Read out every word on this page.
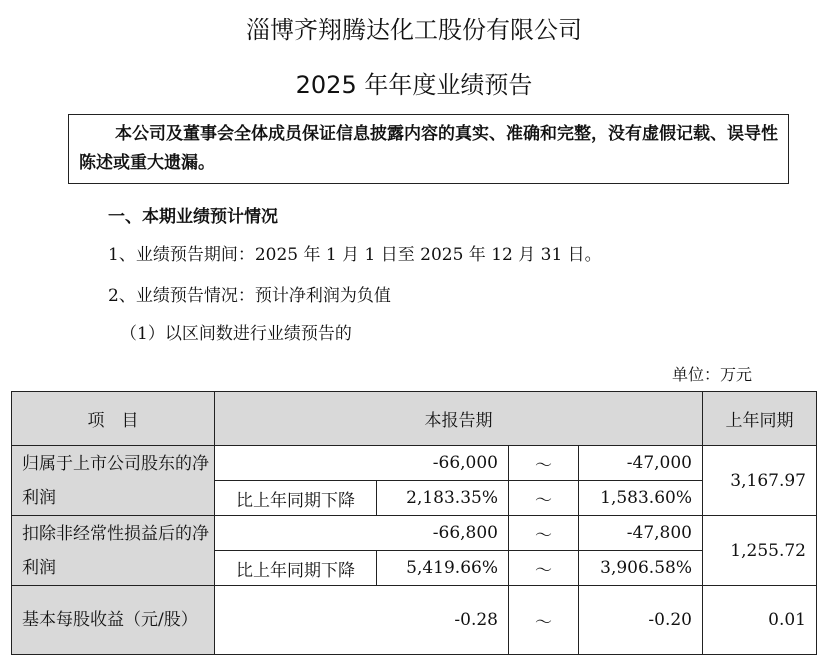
淄博齐翔腾达化工股份有限公司
2025 年年度业绩预告
本公司及董事会全体成员保证信息披露内容的真实、准确和完整，没有虚假记载、误导性陈述或重大遗漏。
一、本期业绩预计情况
1、业绩预告期间：2025 年 1 月 1 日至 2025 年 12 月 31 日。
2、业绩预告情况：预计净利润为负值
（1）以区间数进行业绩预告的
单位：万元
项　目	本报告期				上年同期
归属于上市公司股东的净利润	-66,000		～	-47,000	3,167.97
	比上年同期下降	2,183.35%	～	1,583.60%	
扣除非经常性损益后的净利润	-66,800		～	-47,800	1,255.72
	比上年同期下降	5,419.66%	～	3,906.58%	
基本每股收益（元/股）	-0.28		～	-0.20	0.01
